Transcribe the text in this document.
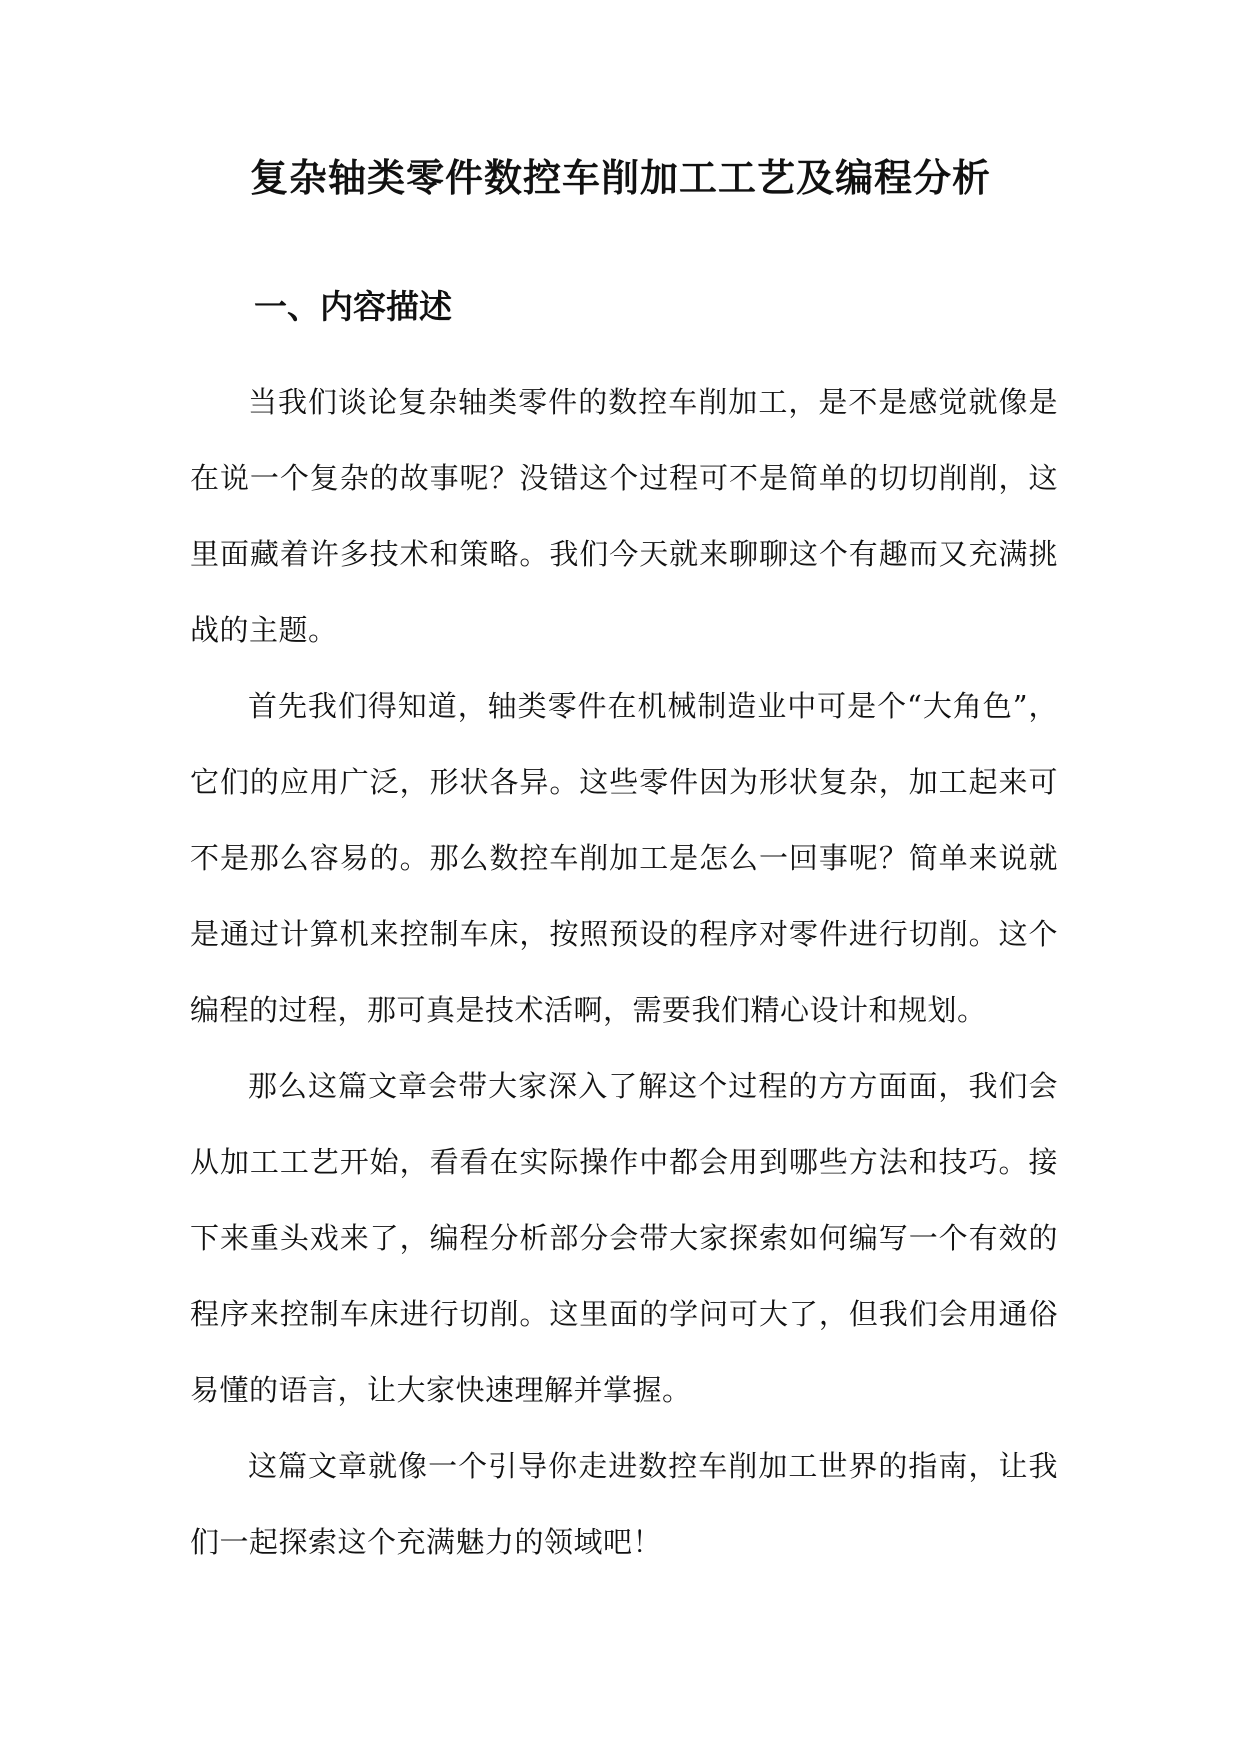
复杂轴类零件数控车削加工工艺及编程分析
一、内容描述

当我们谈论复杂轴类零件的数控车削加工，是不是感觉就像是在说一个复杂的故事呢？没错这个过程可不是简单的切切削削，这里面藏着许多技术和策略。我们今天就来聊聊这个有趣而又充满挑战的主题。

首先我们得知道，轴类零件在机械制造业中可是个“大角色”，它们的应用广泛，形状各异。这些零件因为形状复杂，加工起来可不是那么容易的。那么数控车削加工是怎么一回事呢？简单来说就是通过计算机来控制车床，按照预设的程序对零件进行切削。这个编程的过程，那可真是技术活啊，需要我们精心设计和规划。

那么这篇文章会带大家深入了解这个过程的方方面面，我们会从加工工艺开始，看看在实际操作中都会用到哪些方法和技巧。接下来重头戏来了，编程分析部分会带大家探索如何编写一个有效的程序来控制车床进行切削。这里面的学问可大了，但我们会用通俗易懂的语言，让大家快速理解并掌握。

这篇文章就像一个引导你走进数控车削加工世界的指南，让我们一起探索这个充满魅力的领域吧！
